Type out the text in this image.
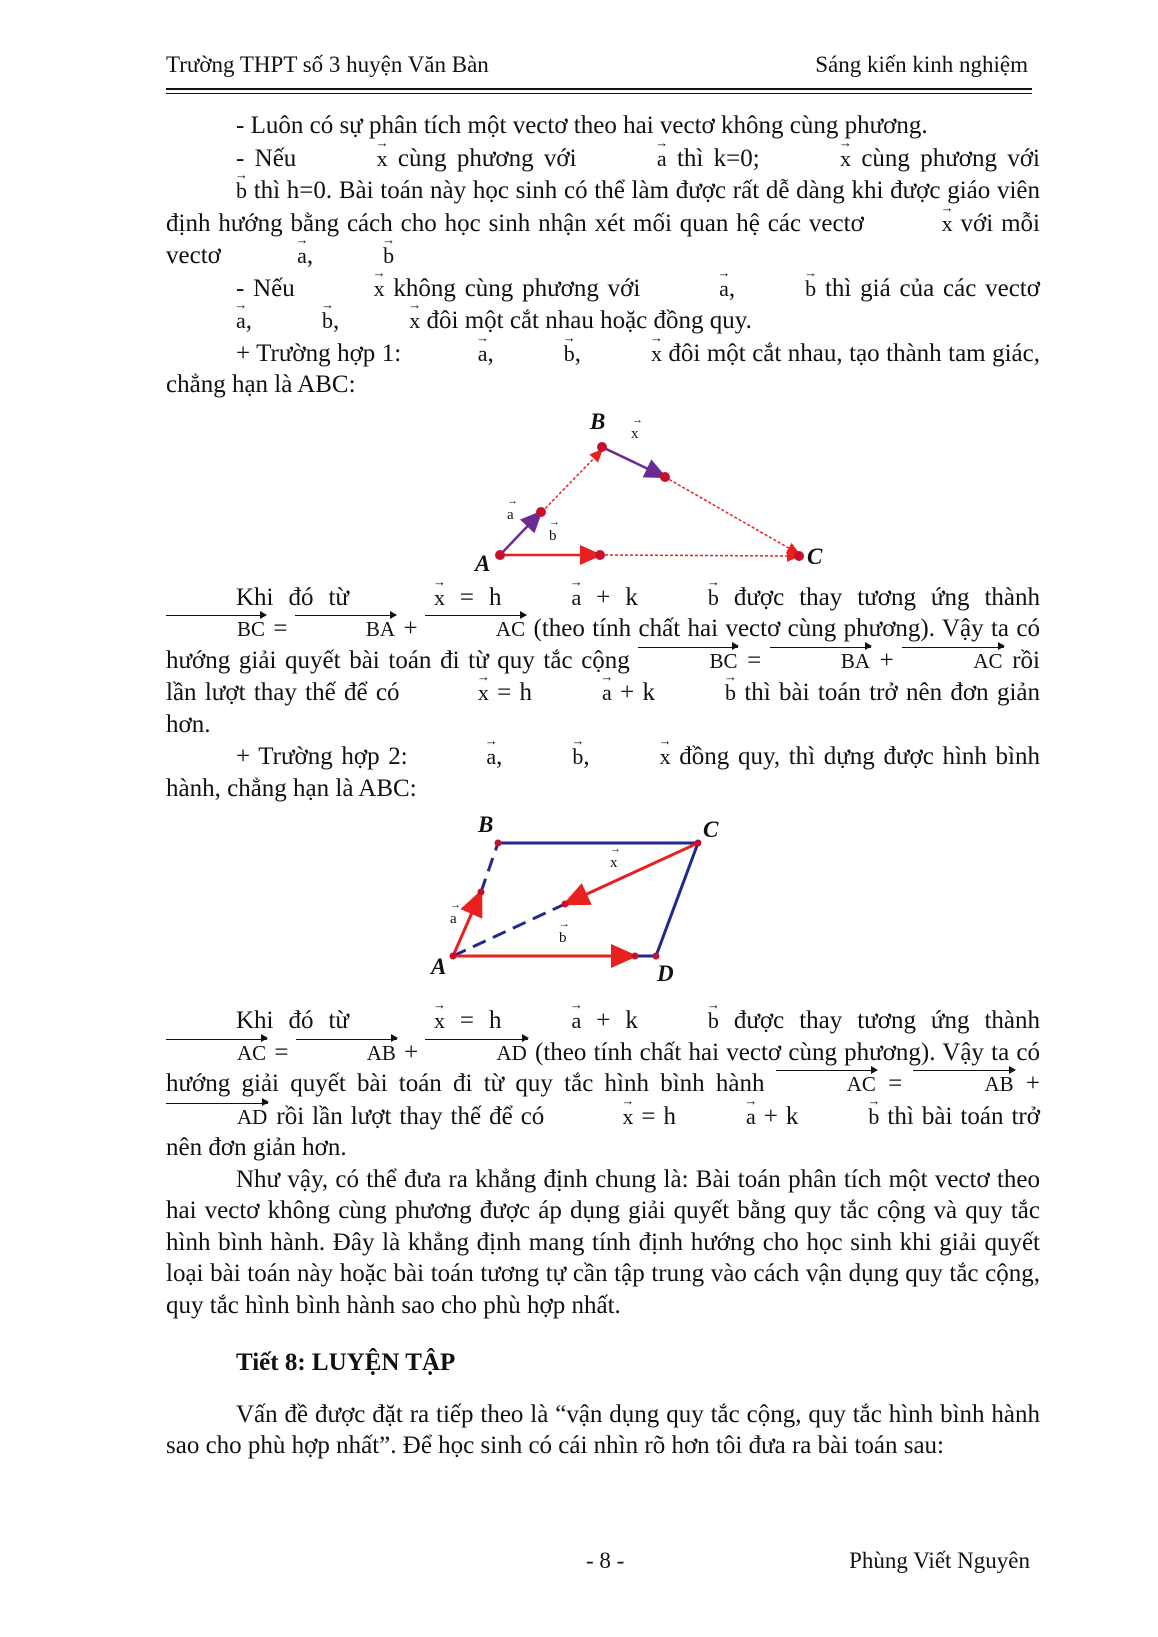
Trường THPT số 3 huyện Văn Bàn	Sáng kiến kinh nghiệm

- Luôn có sự phân tích một vectơ theo hai vectơ không cùng phương.

- Nếu	→ x cùng phương với	→ a thì k=0;	→ x cùng phương với → b thì h=0. Bài toán này học sinh có thể làm được rất dễ dàng khi được giáo viên định hướng bằng cách cho học sinh nhận xét mối quan hệ các vectơ	→ x với mỗi vectơ	→ a,	→ b

- Nếu	→ x không cùng phương với	→ a,	→ b thì giá của các vectơ → a,	→ b,	→ x đôi một cắt nhau hoặc đồng quy.

+ Trường hợp 1:	→ a,	→ b,	→ x đôi một cắt nhau, tạo thành tam giác, chẳng hạn là ABC:

A
B
C
x
a
b
→
→
→

Khi đó từ	→ x = h	→ a + k	→ b được thay tương ứng thành BC =	BA +	AC (theo tính chất hai vectơ cùng phương). Vậy ta có hướng giải quyết bài toán đi từ quy tắc cộng	BC =	BA +	AC rồi lần lượt thay thế để có	→ x = h	→ a + k	→ b thì bài toán trở nên đơn giản hơn.

+ Trường hợp 2:	→ a,	→ b,	→ x đồng quy, thì dựng được hình bình hành, chẳng hạn là ABC:

A
B	C
D
x
a
b
→
→
→

Khi đó từ	→ x = h	→ a + k	→ b được thay tương ứng thành AC =	AB +	AD (theo tính chất hai vectơ cùng phương). Vậy ta có hướng giải quyết bài toán đi từ quy tắc hình bình hành	AC =	AB + AD rồi lần lượt thay thế để có	→ x = h	→ a + k	→ b thì bài toán trở nên đơn giản hơn.

Như vậy, có thể đưa ra khẳng định chung là: Bài toán phân tích một vectơ theo hai vectơ không cùng phương được áp dụng giải quyết bằng quy tắc cộng và quy tắc hình bình hành. Đây là khẳng định mang tính định hướng cho học sinh khi giải quyết loại bài toán này hoặc bài toán tương tự cần tập trung vào cách vận dụng quy tắc cộng, quy tắc hình bình hành sao cho phù hợp nhất.

Tiết 8: LUYỆN TẬP

Vấn đề được đặt ra tiếp theo là “vận dụng quy tắc cộng, quy tắc hình bình hành sao cho phù hợp nhất”. Để học sinh có cái nhìn rõ hơn tôi đưa ra bài toán sau:

- 8 -	Phùng Viết Nguyên
